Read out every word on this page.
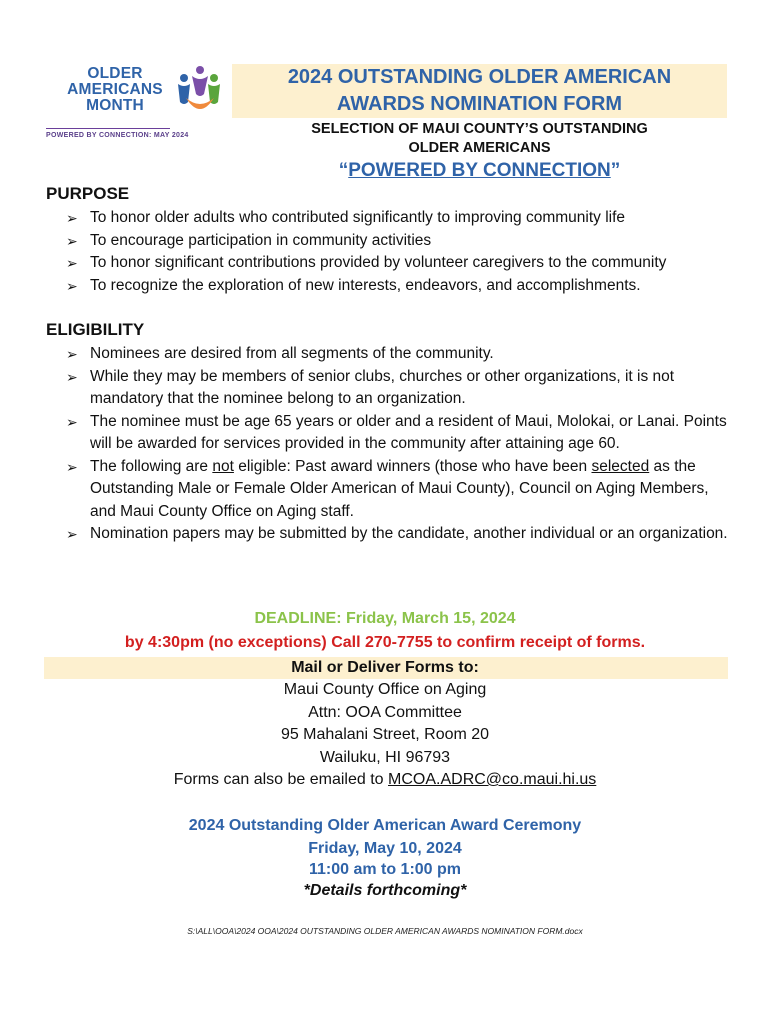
OLDER
AMERICANS
MONTH
POWERED BY CONNECTION: MAY 2024
2024 OUTSTANDING OLDER AMERICAN
AWARDS NOMINATION FORM
SELECTION OF MAUI COUNTY’S OUTSTANDING
OLDER AMERICANS
“POWERED BY CONNECTION”
PURPOSE
➢ To honor older adults who contributed significantly to improving community life
➢ To encourage participation in community activities
➢ To honor significant contributions provided by volunteer caregivers to the community
➢ To recognize the exploration of new interests, endeavors, and accomplishments.
ELIGIBILITY
➢ Nominees are desired from all segments of the community.
➢ While they may be members of senior clubs, churches or other organizations, it is not mandatory that the nominee belong to an organization.
➢ The nominee must be age 65 years or older and a resident of Maui, Molokai, or Lanai. Points will be awarded for services provided in the community after attaining age 60.
➢ The following are not eligible: Past award winners (those who have been selected as the Outstanding Male or Female Older American of Maui County), Council on Aging Members, and Maui County Office on Aging staff.
➢ Nomination papers may be submitted by the candidate, another individual or an organization.
DEADLINE: Friday, March 15, 2024
by 4:30pm (no exceptions) Call 270-7755 to confirm receipt of forms.
Mail or Deliver Forms to:
Maui County Office on Aging
Attn: OOA Committee
95 Mahalani Street, Room 20
Wailuku, HI 96793
Forms can also be emailed to MCOA.ADRC@co.maui.hi.us
2024 Outstanding Older American Award Ceremony
Friday, May 10, 2024
11:00 am to 1:00 pm
*Details forthcoming*
S:\ALL\OOA\2024 OOA\2024 OUTSTANDING OLDER AMERICAN AWARDS NOMINATION FORM.docx
